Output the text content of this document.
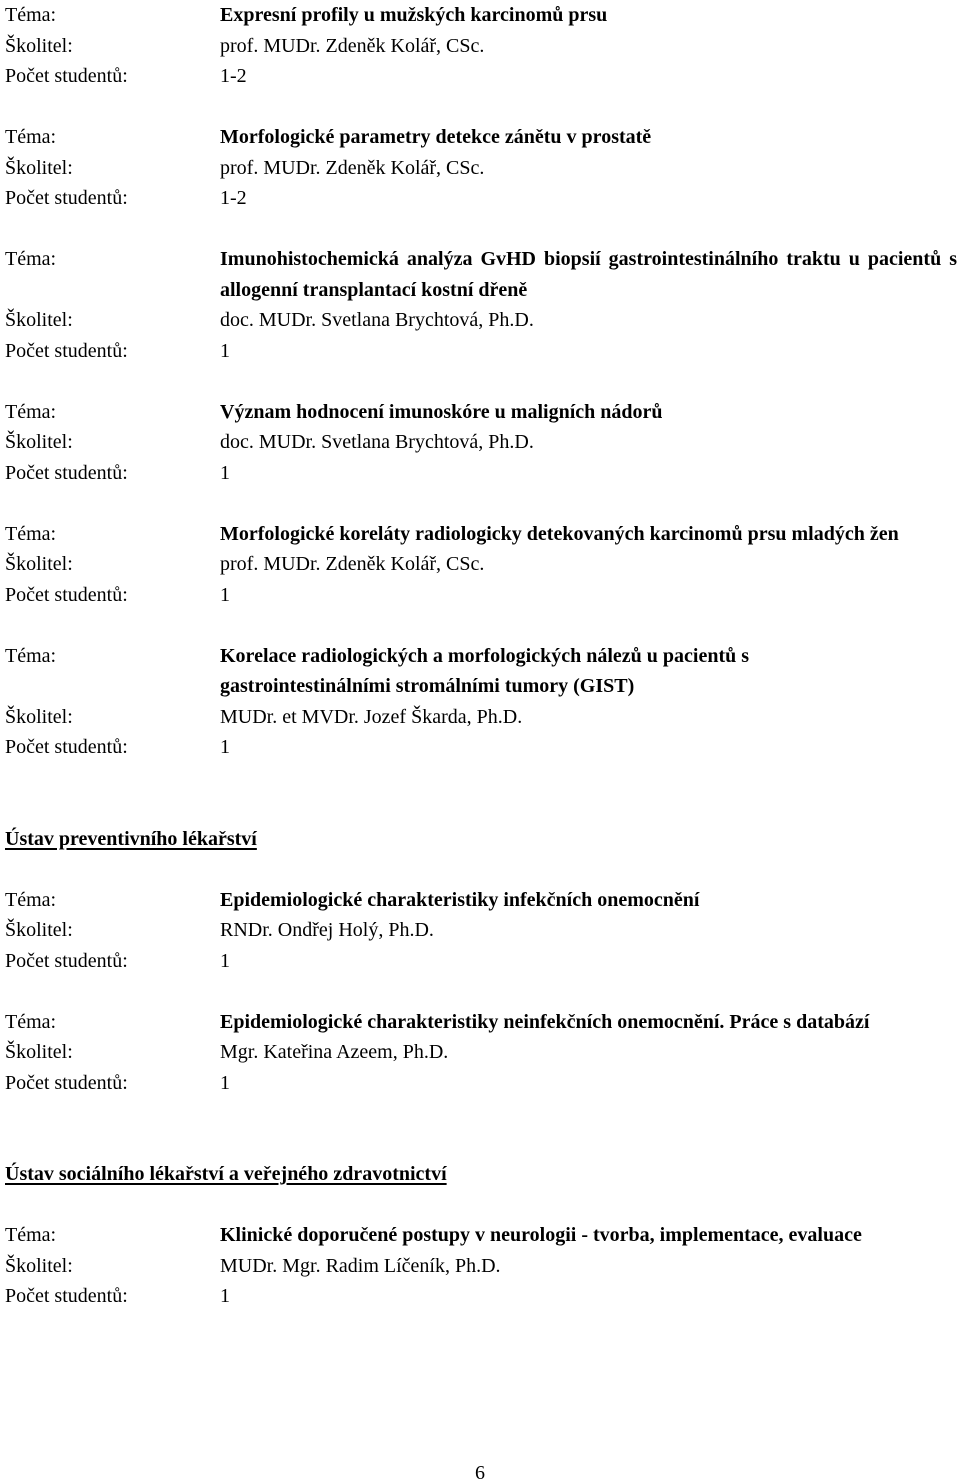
Téma:	Expresní profily u mužských karcinomů prsu
Školitel:	prof. MUDr. Zdeněk Kolář, CSc.
Počet studentů:	1-2
Téma:	Morfologické parametry detekce zánětu v prostatě
Školitel:	prof. MUDr. Zdeněk Kolář, CSc.
Počet studentů:	1-2
Téma:	Imunohistochemická analýza GvHD biopsií gastrointestinálního traktu u pacientů s allogenní transplantací kostní dřeně
Školitel:	doc. MUDr. Svetlana Brychtová, Ph.D.
Počet studentů:	1
Téma:	Význam hodnocení imunoskóre u maligních nádorů
Školitel:	doc. MUDr. Svetlana Brychtová, Ph.D.
Počet studentů:	1
Téma:	Morfologické koreláty radiologicky detekovaných karcinomů prsu mladých žen
Školitel:	prof. MUDr. Zdeněk Kolář, CSc.
Počet studentů:	1
Téma:	Korelace radiologických a morfologických nálezů u pacientů s gastrointestinálními stromálními tumory (GIST)
Školitel:	MUDr. et MVDr. Jozef Škarda, Ph.D.
Počet studentů:	1
Ústav preventivního lékařství
Téma:	Epidemiologické charakteristiky infekčních onemocnění
Školitel:	RNDr. Ondřej Holý, Ph.D.
Počet studentů:	1
Téma:	Epidemiologické charakteristiky neinfekčních onemocnění. Práce s databází
Školitel:	Mgr. Kateřina Azeem, Ph.D.
Počet studentů:	1
Ústav sociálního lékařství a veřejného zdravotnictví
Téma:	Klinické doporučené postupy v neurologii - tvorba, implementace, evaluace
Školitel:	MUDr. Mgr. Radim Líčeník, Ph.D.
Počet studentů:	1
6
